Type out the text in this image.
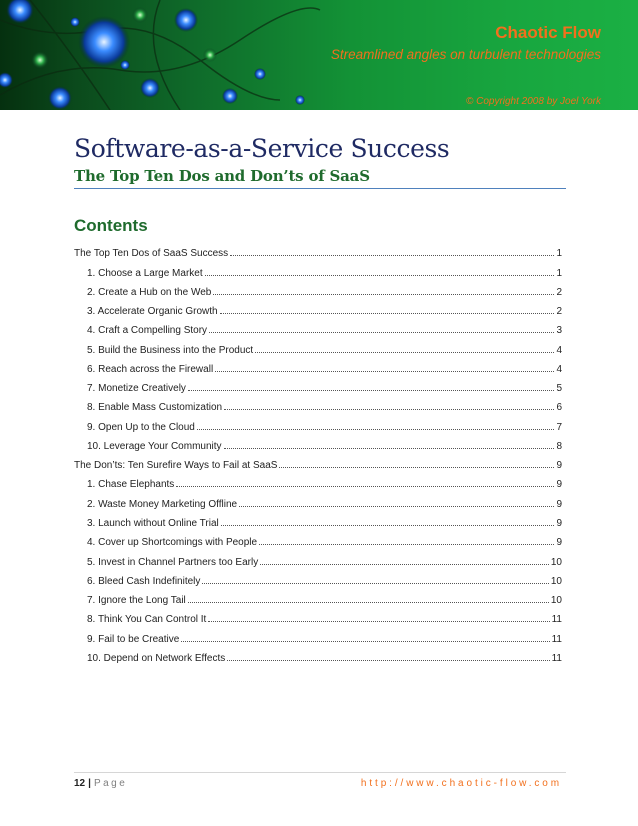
Chaotic Flow
Streamlined angles on turbulent technologies
© Copyright 2008 by Joel York
Software-as-a-Service Success
The Top Ten Dos and Don’ts of SaaS
Contents
The Top Ten Dos of SaaS Success	1
1. Choose a Large Market	1
2. Create a Hub on the Web	2
3. Accelerate Organic Growth	2
4. Craft a Compelling Story	3
5. Build the Business into the Product	4
6. Reach across the Firewall	4
7. Monetize Creatively	5
8. Enable Mass Customization	6
9. Open Up to the Cloud	7
10. Leverage Your Community	8
The Don’ts: Ten Surefire Ways to Fail at SaaS	9
1. Chase Elephants	9
2. Waste Money Marketing Offline	9
3. Launch without Online Trial	9
4. Cover up Shortcomings with People	9
5. Invest in Channel Partners too Early	10
6. Bleed Cash Indefinitely	10
7. Ignore the Long Tail	10
8. Think You Can Control It	11
9. Fail to be Creative	11
10. Depend on Network Effects	11
12 | Page	http://www.chaotic-flow.com
